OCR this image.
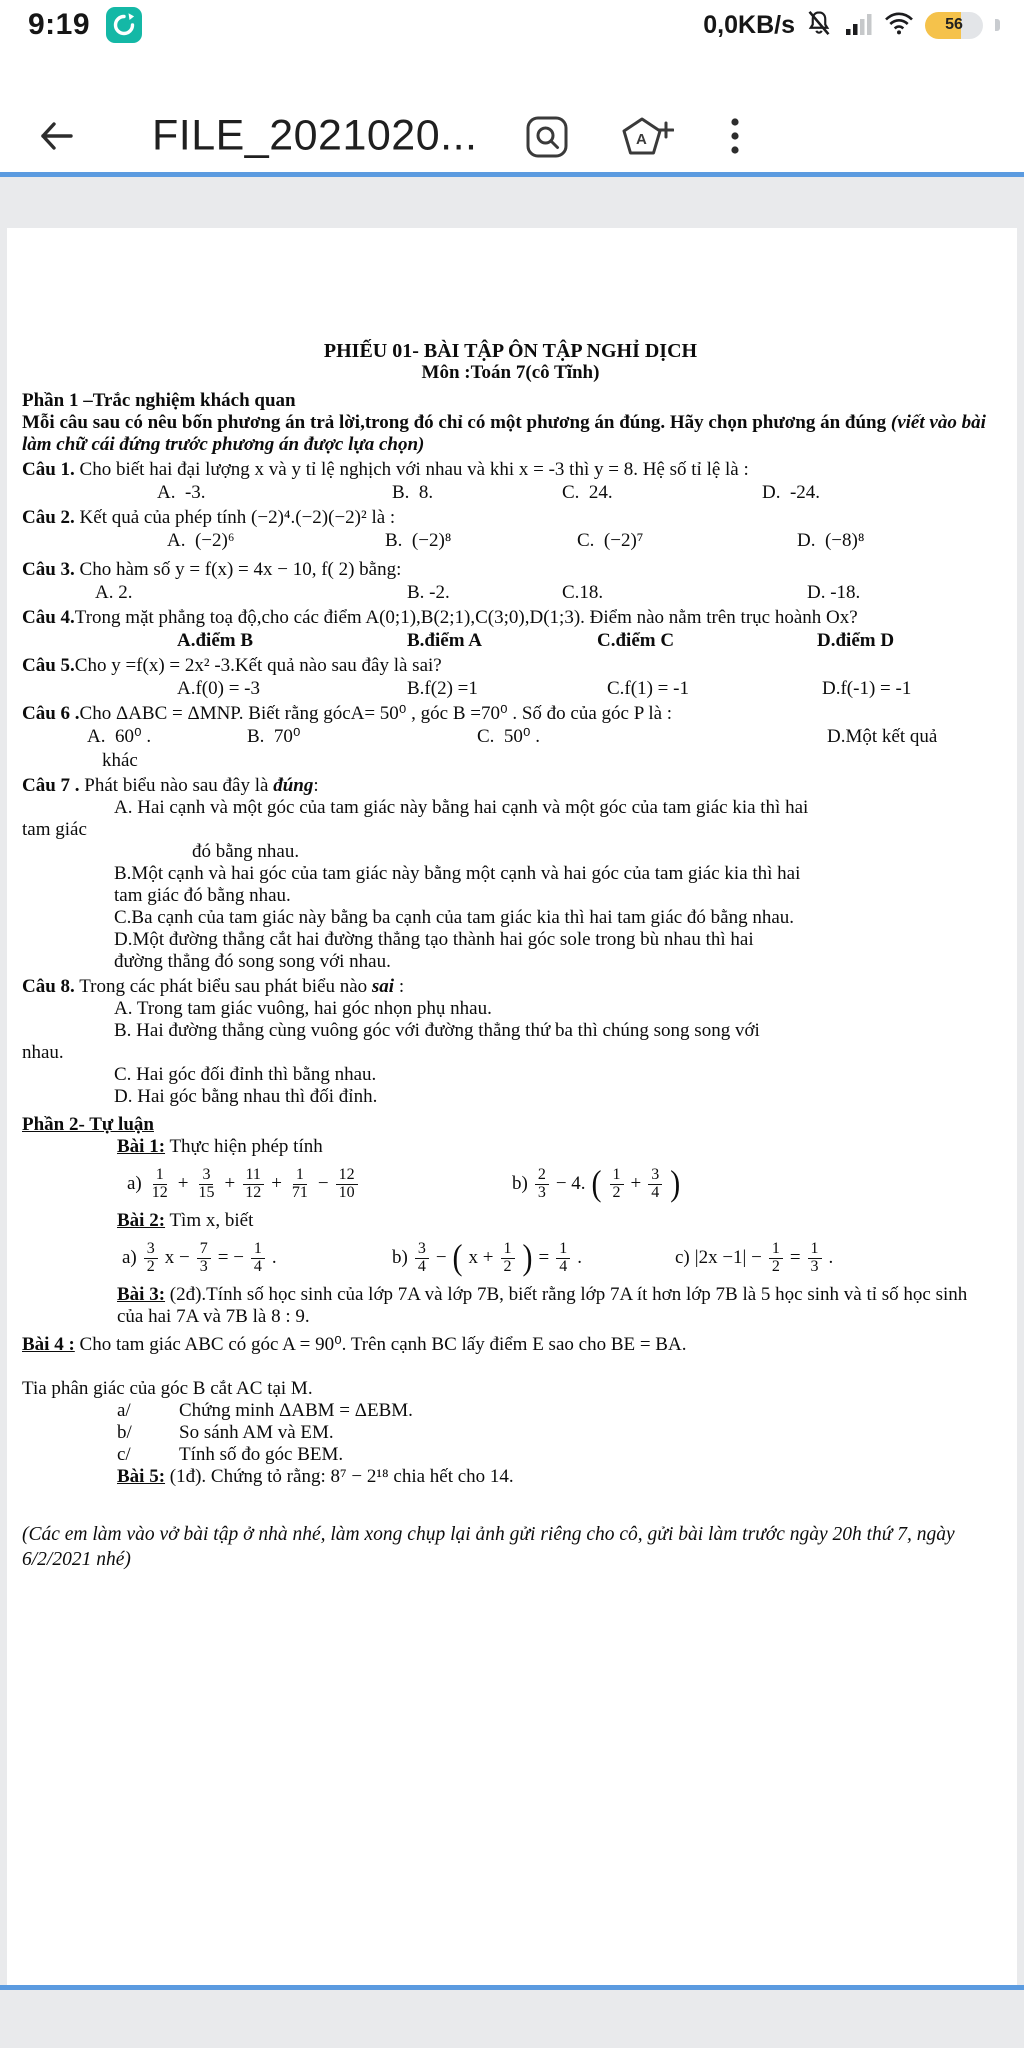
9:19	0,0KB/s	56
FILE_2021020...	A
PHIẾU 01- BÀI TẬP ÔN TẬP NGHỈ DỊCH
Môn :Toán 7(cô Tĩnh)
Phần 1 –Trắc nghiệm khách quan
Mỗi câu sau có nêu bốn phương án trả lời,trong đó chỉ có một phương án đúng. Hãy chọn phương án đúng (viết vào bài làm chữ cái đứng trước phương án được lựa chọn)
Câu 1. Cho biết hai đại lượng x và y tỉ lệ nghịch với nhau và khi x = -3 thì y = 8. Hệ số tỉ lệ là :
A.  -3.	B.  8.	C.  24.	D.  -24.
Câu 2. Kết quả của phép tính (−2)⁴.(−2)(−2)² là :
A.  (−2)⁶	B.  (−2)⁸	C.  (−2)⁷	D.  (−8)⁸
Câu 3. Cho hàm số y = f(x) = 4x − 10, f( 2) bằng:
A. 2.	B. -2.	C.18.	D. -18.
Câu 4.Trong mặt phẳng toạ độ,cho các điểm A(0;1),B(2;1),C(3;0),D(1;3). Điểm nào nằm trên trục hoành Ox?
A.điểm B	B.điểm A	C.điểm C	D.điểm D
Câu 5.Cho y =f(x) = 2x² -3.Kết quả nào sau đây là sai?
A.f(0) = -3	B.f(2) =1	C.f(1) = -1	D.f(-1) = -1
Câu 6 .Cho ΔABC = ΔMNP. Biết rằng gócA= 50⁰ , góc B =70⁰ . Số đo của góc P là :
A.  60⁰ .	B.  70⁰	C.  50⁰ .	D.Một kết quả
khác
Câu 7 . Phát biểu nào sau đây là đúng:
A. Hai cạnh và một góc của tam giác này bằng hai cạnh và một góc của tam giác kia thì hai
tam giác
đó bằng nhau.
B.Một cạnh và hai góc của tam giác này bằng một cạnh và hai góc của tam giác kia thì hai
tam giác đó bằng nhau.
C.Ba cạnh của tam giác này bằng ba cạnh của tam giác kia thì hai tam giác đó bằng nhau.
D.Một đường thẳng cắt hai đường thẳng tạo thành hai góc sole trong bù nhau thì hai
đường thẳng đó song song với nhau.
Câu 8. Trong các phát biểu sau phát biểu nào sai :
A. Trong tam giác vuông, hai góc nhọn phụ nhau.
B. Hai đường thẳng cùng vuông góc với đường thẳng thứ ba thì chúng song song với
nhau.
C. Hai góc đối đỉnh thì bằng nhau.
D. Hai góc bằng nhau thì đối đỉnh.
Phần 2- Tự luận
Bài 1: Thực hiện phép tính
$a) \frac{1}{12} + \frac{3}{15} + \frac{11}{12} + \frac{1}{71} - \frac{12}{10}$	$b) \frac{2}{3} - 4$. ( $\frac{1}{2} + \frac{3}{4}$ )
Bài 2: Tìm x, biết
$a) \frac{3}{2}$ $x - \frac{7}{3}$ = − $\frac{1}{4}$ .	$b) \frac{3}{4}$ − ( $x + \frac{1}{2}$ ) = $\frac{1}{4}$ .	c) $|2x -1| - \frac{1}{2} = \frac{1}{3}$ .
Bài 3: (2đ).Tính số học sinh của lớp 7A và lớp 7B, biết rằng lớp 7A ít hơn lớp 7B là 5 học sinh và tỉ số học sinh của hai 7A và 7B là 8 : 9.
Bài 4 : Cho tam giác ABC có góc A = 90⁰. Trên cạnh BC lấy điểm E sao cho BE = BA.
Tia phân giác của góc B cắt AC tại M.
a/	Chứng minh ΔABM = ΔEBM.
b/ So sánh AM và EM.
c/	Tính số đo góc BEM.
Bài 5: (1đ). Chứng tỏ rằng: 8⁷ − 2¹⁸ chia hết cho 14.
(Các em làm vào vở bài tập ở nhà nhé, làm xong chụp lại ảnh gửi riêng cho cô, gửi bài làm trước ngày 20h thứ 7, ngày 6/2/2021 nhé)
